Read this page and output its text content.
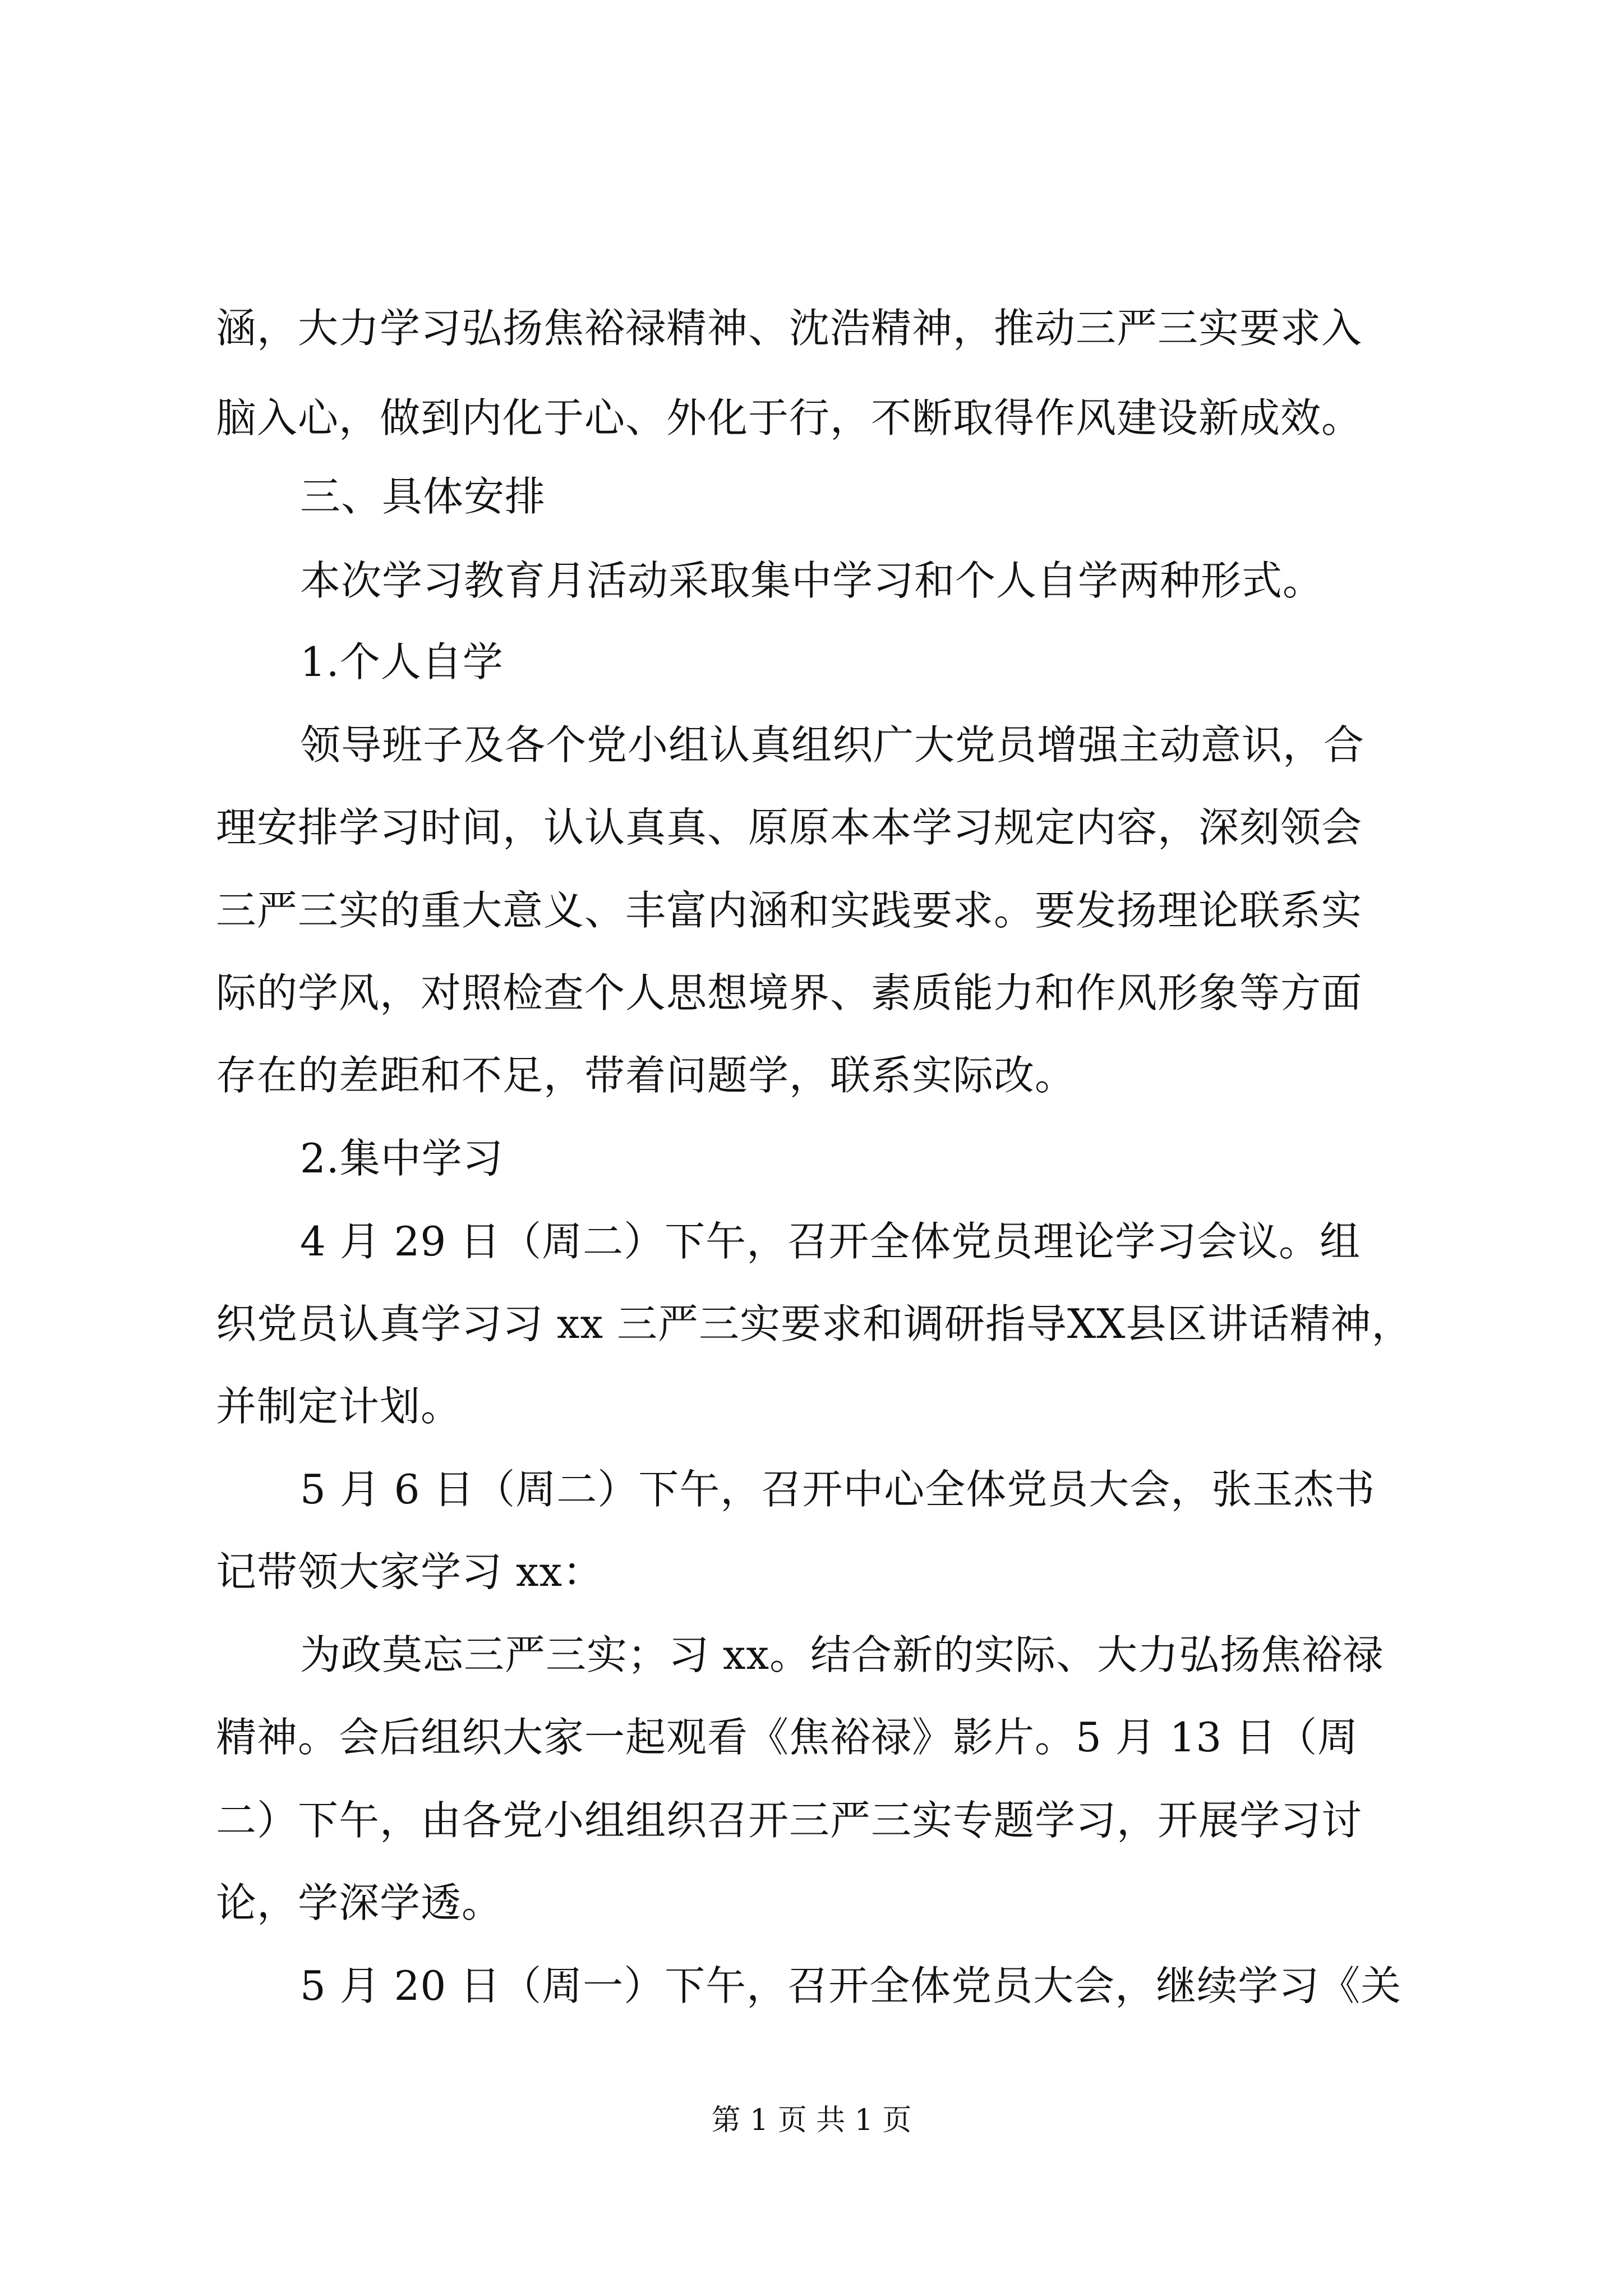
涵，大力学习弘扬焦裕禄精神、沈浩精神，推动三严三实要求入
脑入心，做到内化于心、外化于行，不断取得作风建设新成效。
三、具体安排
本次学习教育月活动采取集中学习和个人自学两种形式。
1.个人自学
领导班子及各个党小组认真组织广大党员增强主动意识，合
理安排学习时间，认认真真、原原本本学习规定内容，深刻领会
三严三实的重大意义、丰富内涵和实践要求。要发扬理论联系实
际的学风，对照检查个人思想境界、素质能力和作风形象等方面
存在的差距和不足，带着问题学，联系实际改。
2.集中学习
4 月 29 日（周二）下午，召开全体党员理论学习会议。组
织党员认真学习习 xx 三严三实要求和调研指导XX县区讲话精神，
并制定计划。
5 月 6 日（周二）下午，召开中心全体党员大会，张玉杰书
记带领大家学习 xx：
为政莫忘三严三实；习 xx。结合新的实际、大力弘扬焦裕禄
精神。会后组织大家一起观看《焦裕禄》影片。5 月 13 日（周
二）下午，由各党小组组织召开三严三实专题学习，开展学习讨
论，学深学透。
5 月 20 日（周一）下午，召开全体党员大会，继续学习《关
第 1 页 共 1 页
